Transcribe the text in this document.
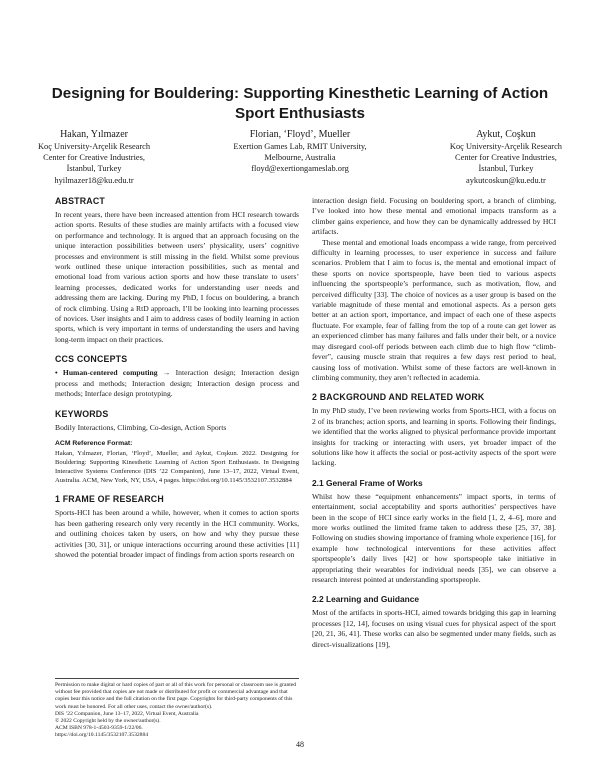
Designing for Bouldering: Supporting Kinesthetic Learning of Action Sport Enthusiasts
Hakan, Yılmazer
Koç University-Arçelik Research
Center for Creative Industries,
İstanbul, Turkey
hyilmazer18@ku.edu.tr
Florian, ‘Floyd’, Mueller
Exertion Games Lab, RMIT University,
Melbourne, Australia
floyd@exertiongameslab.org
Aykut, Coşkun
Koç University-Arçelik Research
Center for Creative Industries,
İstanbul, Turkey
aykutcoskun@ku.edu.tr
ABSTRACT

In recent years, there have been increased attention from HCI research towards action sports. Results of these studies are mainly artifacts with a focused view on performance and technology. It is argued that an approach focusing on the unique interaction possibilities between users’ physicality, users’ cognitive processes and environment is still missing in the field. Whilst some previous work outlined these unique interaction possibilities, such as mental and emotional load from various action sports and how these translate to users’ learning processes, dedicated works for understanding user needs and addressing them are lacking. During my PhD, I focus on bouldering, a branch of rock climbing. Using a RtD approach, I’ll be looking into learning processes of novices. User insights and I aim to address cases of bodily learning in action sports, which is very important in terms of understanding the users and having long-term impact on their practices.

CCS CONCEPTS

• Human-centered computing → Interaction design; Interaction design process and methods; Interaction design; Interaction design process and methods; Interface design prototyping.

KEYWORDS

Bodily Interactions, Climbing, Co-design, Action Sports

ACM Reference Format:

Hakan, Yılmazer, Florian, ‘Floyd’, Mueller, and Aykut, Coşkun. 2022. Designing for Bouldering: Supporting Kinesthetic Learning of Action Sport Enthusiasts. In Designing Interactive Systems Conference (DIS ’22 Companion), June 13–17, 2022, Virtual Event, Australia. ACM, New York, NY, USA, 4 pages. https://doi.org/10.1145/3532107.3532884

1 FRAME OF RESEARCH

Sports-HCI has been around a while, however, when it comes to action sports has been gathering research only very recently in the HCI community. Works, and outlining choices taken by users, on how and why they pursue these activities [30, 31], or unique interactions occurring around these activities [11] showed the potential broader impact of findings from action sports research on

Permission to make digital or hard copies of part or all of this work for personal or classroom use is granted without fee provided that copies are not made or distributed for profit or commercial advantage and that copies bear this notice and the full citation on the first page. Copyrights for third-party components of this work must be honored. For all other uses, contact the owner/author(s).
DIS ’22 Companion, June 13–17, 2022, Virtual Event, Australia
© 2022 Copyright held by the owner/author(s).
ACM ISBN 978-1-4503-9359-1/22/06.
https://doi.org/10.1145/3532107.3532884

interaction design field. Focusing on bouldering sport, a branch of climbing, I’ve looked into how these mental and emotional impacts transform as a climber gains experience, and how they can be dynamically addressed by HCI artifacts.

These mental and emotional loads encompass a wide range, from perceived difficulty in learning processes, to user experience in success and failure scenarios. Problem that I aim to focus is, the mental and emotional impact of these sports on novice sportspeople, have been tied to various aspects influencing the sportspeople’s performance, such as motivation, flow, and perceived difficulty [33]. The choice of novices as a user group is based on the variable magnitude of these mental and emotional aspects. As a person gets better at an action sport, importance, and impact of each one of these aspects fluctuate. For example, fear of falling from the top of a route can get lower as an experienced climber has many failures and falls under their belt, or a novice may disregard cool-off periods between each climb due to high flow “climb-fever”, causing muscle strain that requires a few days rest period to heal, causing loss of motivation. Whilst some of these factors are well-known in climbing community, they aren’t reflected in academia.

2 BACKGROUND AND RELATED WORK

In my PhD study, I’ve been reviewing works from Sports-HCI, with a focus on 2 of its branches; action sports, and learning in sports. Following their findings, we identified that the works aligned to physical performance provide important insights for tracking or interacting with users, yet broader impact of the solutions like how it affects the social or post-activity aspects of the sport were lacking.

2.1 General Frame of Works

Whilst how these “equipment enhancements” impact sports, in terms of entertainment, social acceptability and sports authorities’ perspectives have been in the scope of HCI since early works in the field [1, 2, 4–6], more and more works outlined the limited frame taken to address these [25, 37, 38]. Following on studies showing importance of framing whole experience [16], for example how technological interventions for these activities affect sportspeople’s daily lives [42] or how sportspeople take initiative in appropriating their wearables for individual needs [35], we can observe a research interest pointed at understanding sportspeople.

2.2 Learning and Guidance

Most of the artifacts in sports-HCI, aimed towards bridging this gap in learning processes [12, 14], focuses on using visual cues for physical aspect of the sport [20, 21, 36, 41]. These works can also be segmented under many fields, such as direct-visualizations [19],

48
